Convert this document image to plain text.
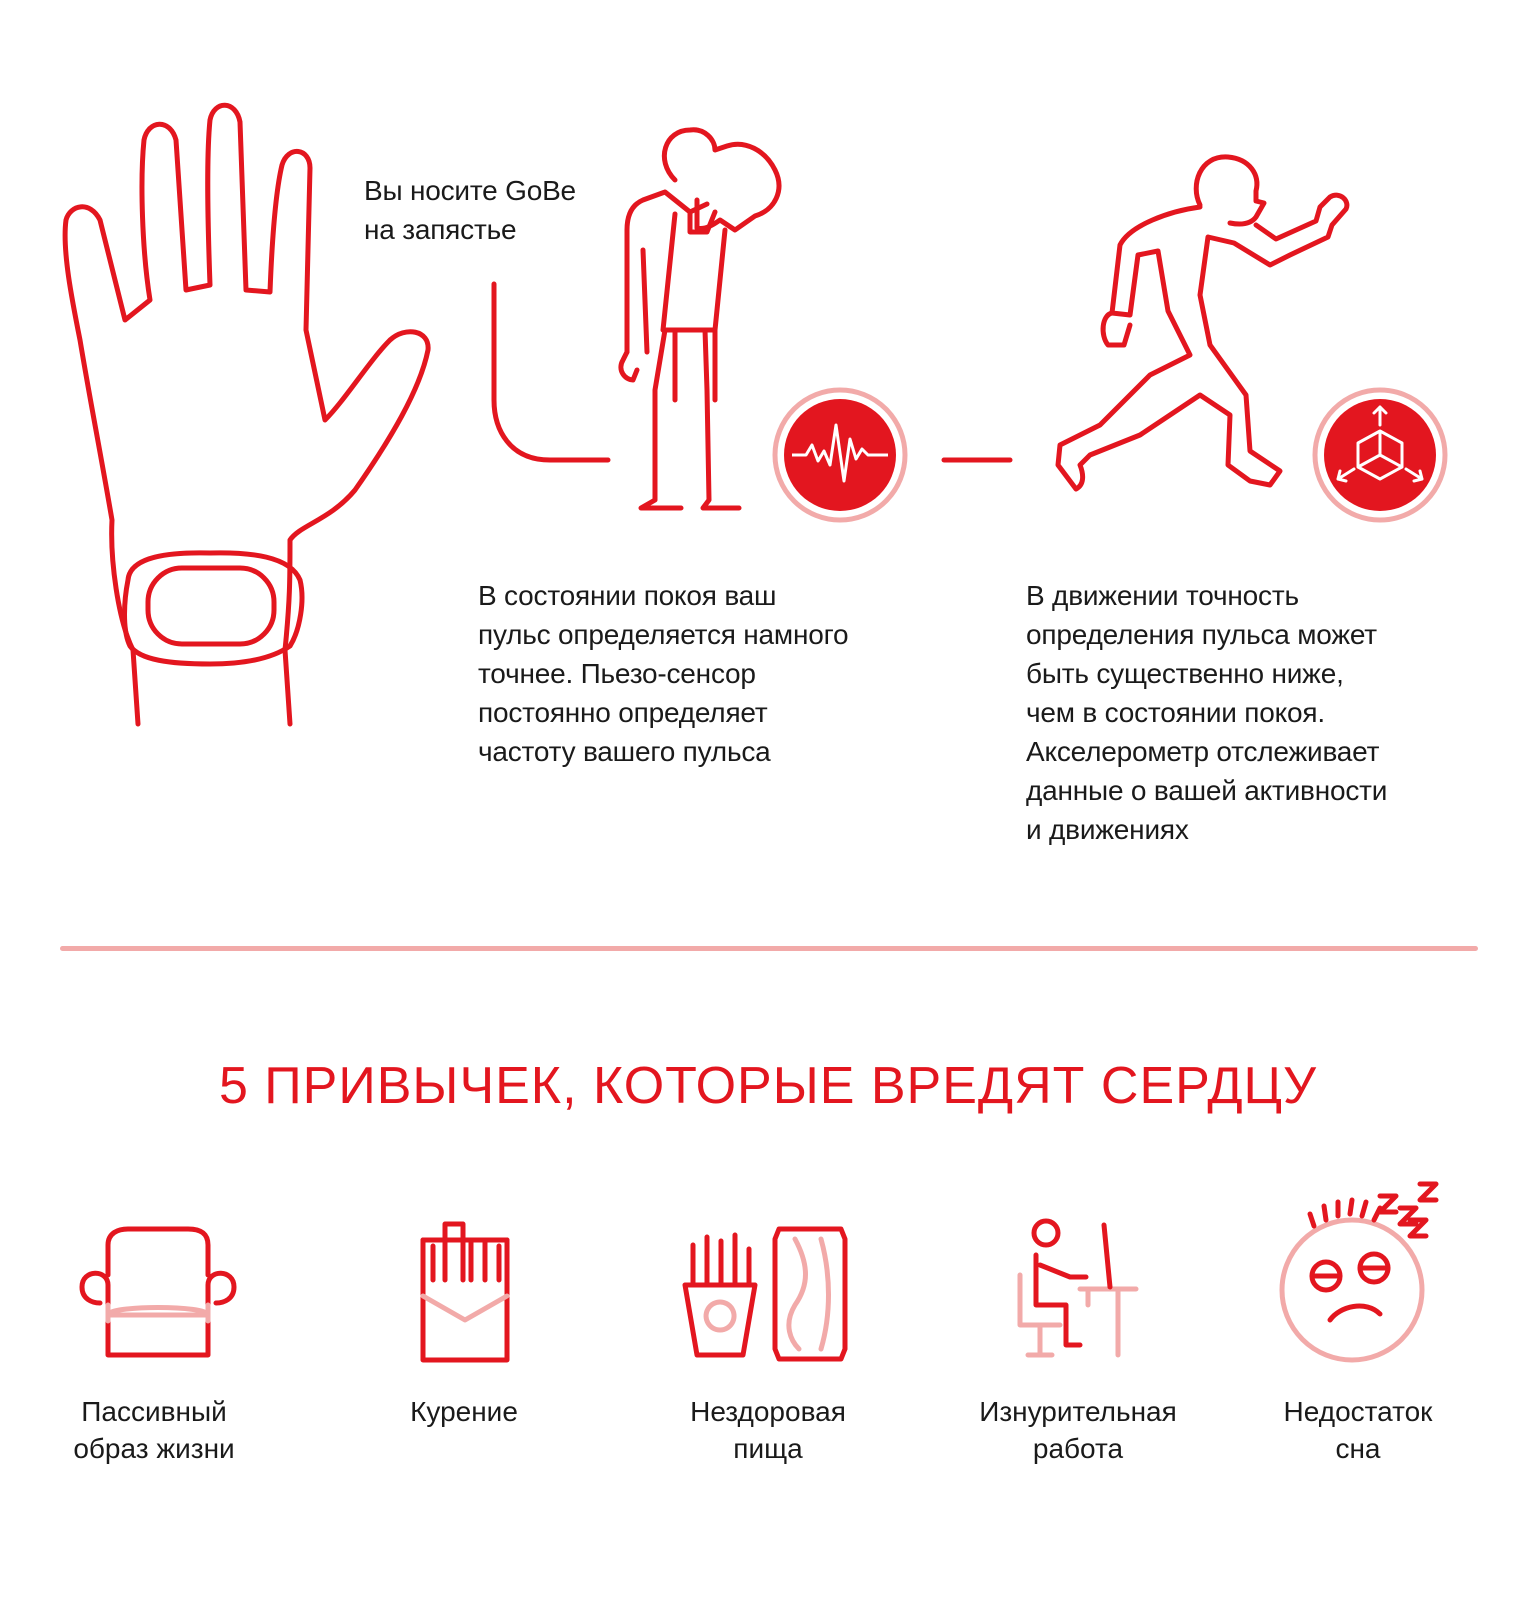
Вы носите GoBe
на запястье
В состоянии покоя ваш
пульс определяется намного
точнее. Пьезо-сенсор
постоянно определяет
частоту вашего пульса
В движении точность
определения пульса может
быть существенно ниже,
чем в состоянии покоя.
Акселерометр отслеживает
данные о вашей активности
и движениях
5 ПРИВЫЧЕК, КОТОРЫЕ ВРЕДЯТ СЕРДЦУ
Пассивный
образ жизни
Курение	Нездоровая
пища
Изнурительная
работа
Недостаток
сна
